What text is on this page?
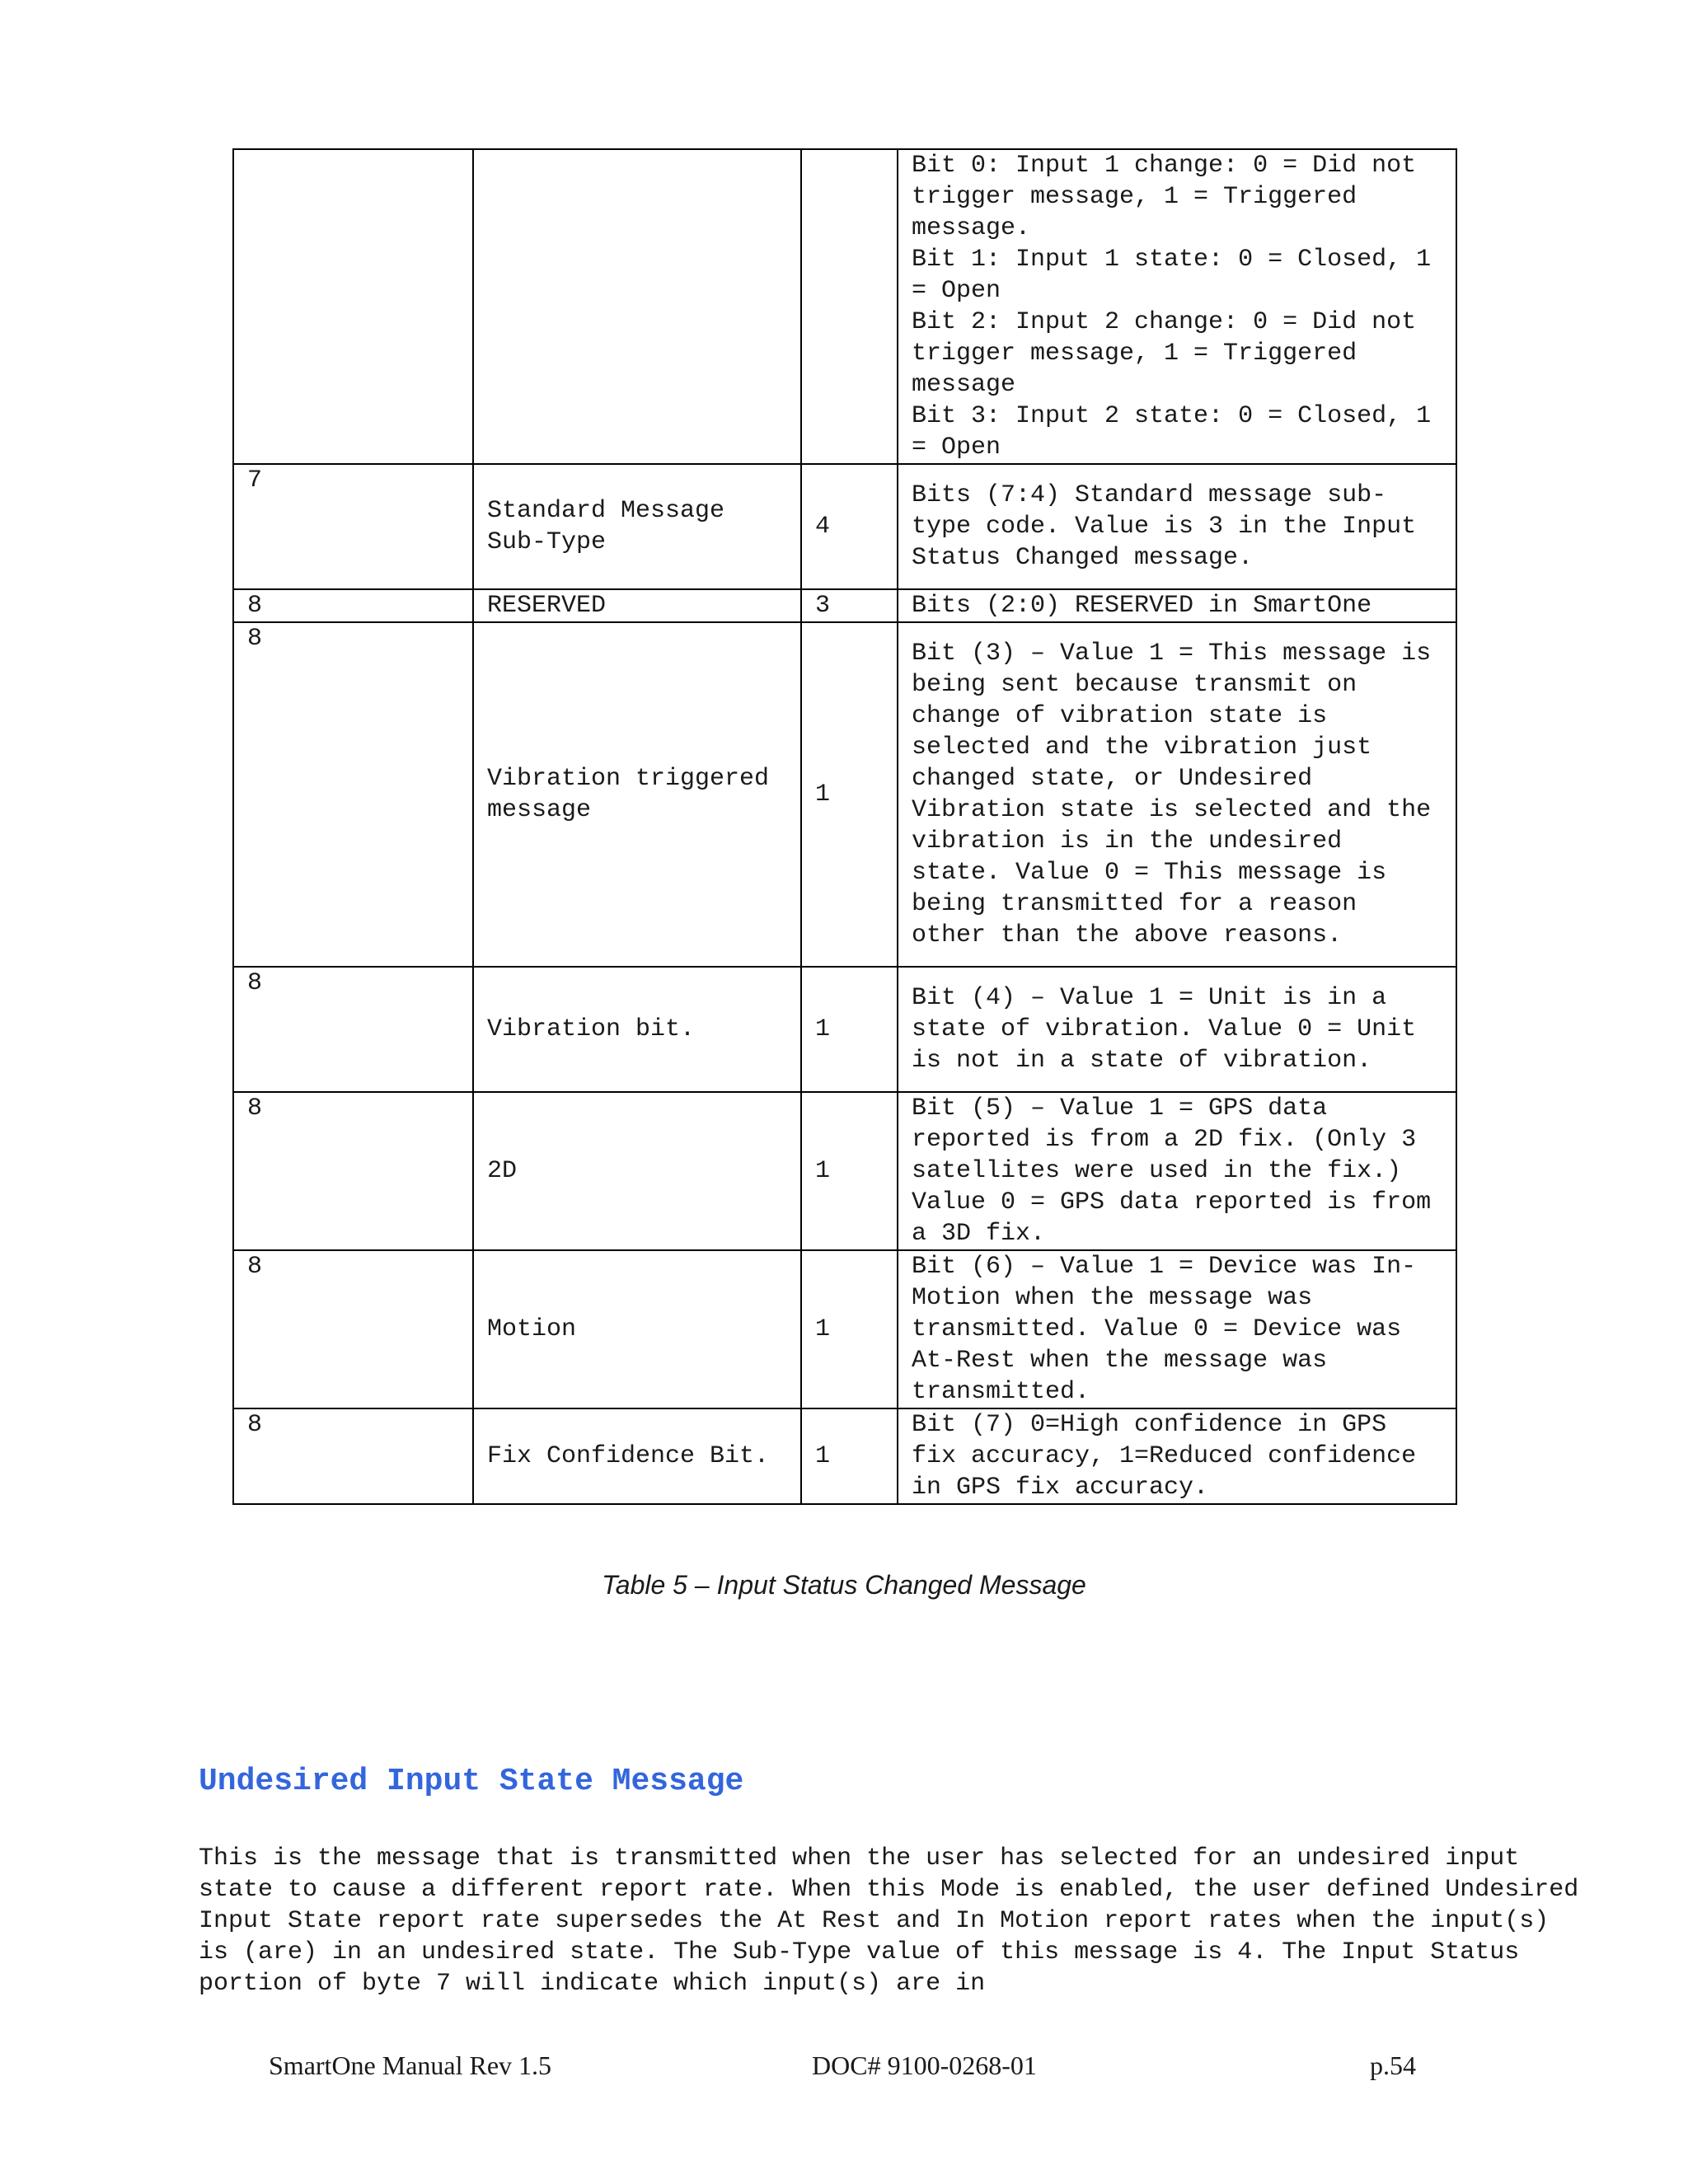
			Bit 0: Input 1 change: 0 = Did not trigger message, 1 = Triggered message.
Bit 1: Input 1 state: 0 = Closed, 1 = Open
Bit 2: Input 2 change: 0 = Did not trigger message, 1 = Triggered message
Bit 3: Input 2 state: 0 = Closed, 1 = Open
7	Standard Message Sub-Type	4	Bits (7:4) Standard message sub-type code. Value is 3 in the Input Status Changed message.
8	RESERVED	3	Bits (2:0) RESERVED in SmartOne
8	Vibration triggered message	1	Bit (3) – Value 1 = This message is being sent because transmit on change of vibration state is selected and the vibration just changed state, or Undesired Vibration state is selected and the vibration is in the undesired state. Value 0 = This message is being transmitted for a reason other than the above reasons.
8	Vibration bit.	1	Bit (4) – Value 1 = Unit is in a state of vibration. Value 0 = Unit is not in a state of vibration.
8	2D	1	Bit (5) – Value 1 = GPS data reported is from a 2D fix. (Only 3 satellites were used in the fix.) Value 0 = GPS data reported is from a 3D fix.
8	Motion	1	Bit (6) – Value 1 = Device was In-Motion when the message was transmitted. Value 0 = Device was At-Rest when the message was transmitted.
8	Fix Confidence Bit.	1	Bit (7) 0=High confidence in GPS fix accuracy, 1=Reduced confidence in GPS fix accuracy.
Table 5 – Input Status Changed Message
Undesired Input State Message
This is the message that is transmitted when the user has selected for an undesired input state to cause a different report rate. When this Mode is enabled, the user defined Undesired Input State report rate supersedes the At Rest and In Motion report rates when the input(s) is (are) in an undesired state. The Sub-Type value of this message is 4. The Input Status portion of byte 7 will indicate which input(s) are in
SmartOne Manual Rev 1.5	DOC# 9100-0268-01	p.54
